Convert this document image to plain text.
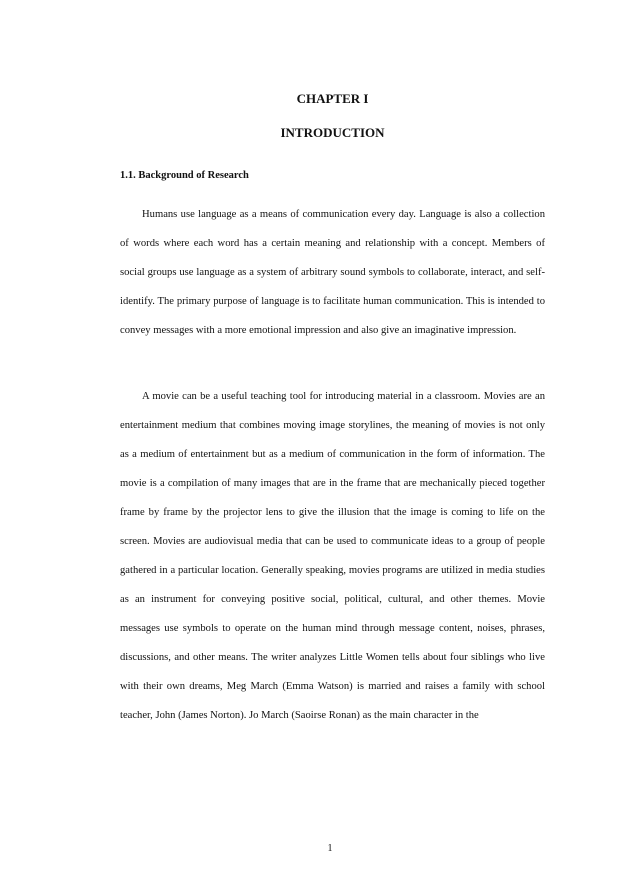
CHAPTER I
INTRODUCTION
1.1. Background of Research

Humans use language as a means of communication every day. Language is also a collection of words where each word has a certain meaning and relationship with a concept. Members of social groups use language as a system of arbitrary sound symbols to collaborate, interact, and self-identify. The primary purpose of language is to facilitate human communication. This is intended to convey messages with a more emotional impression and also give an imaginative impression.

A movie can be a useful teaching tool for introducing material in a classroom. Movies are an entertainment medium that combines moving image storylines, the meaning of movies is not only as a medium of entertainment but as a medium of communication in the form of information. The movie is a compilation of many images that are in the frame that are mechanically pieced together frame by frame by the projector lens to give the illusion that the image is coming to life on the screen. Movies are audiovisual media that can be used to communicate ideas to a group of people gathered in a particular location. Generally speaking, movies programs are utilized in media studies as an instrument for conveying positive social, political, cultural, and other themes. Movie messages use symbols to operate on the human mind through message content, noises, phrases, discussions, and other means. The writer analyzes Little Women tells about four siblings who live with their own dreams, Meg March (Emma Watson) is married and raises a family with school teacher, John (James Norton). Jo March (Saoirse Ronan) as the main character in the

1
